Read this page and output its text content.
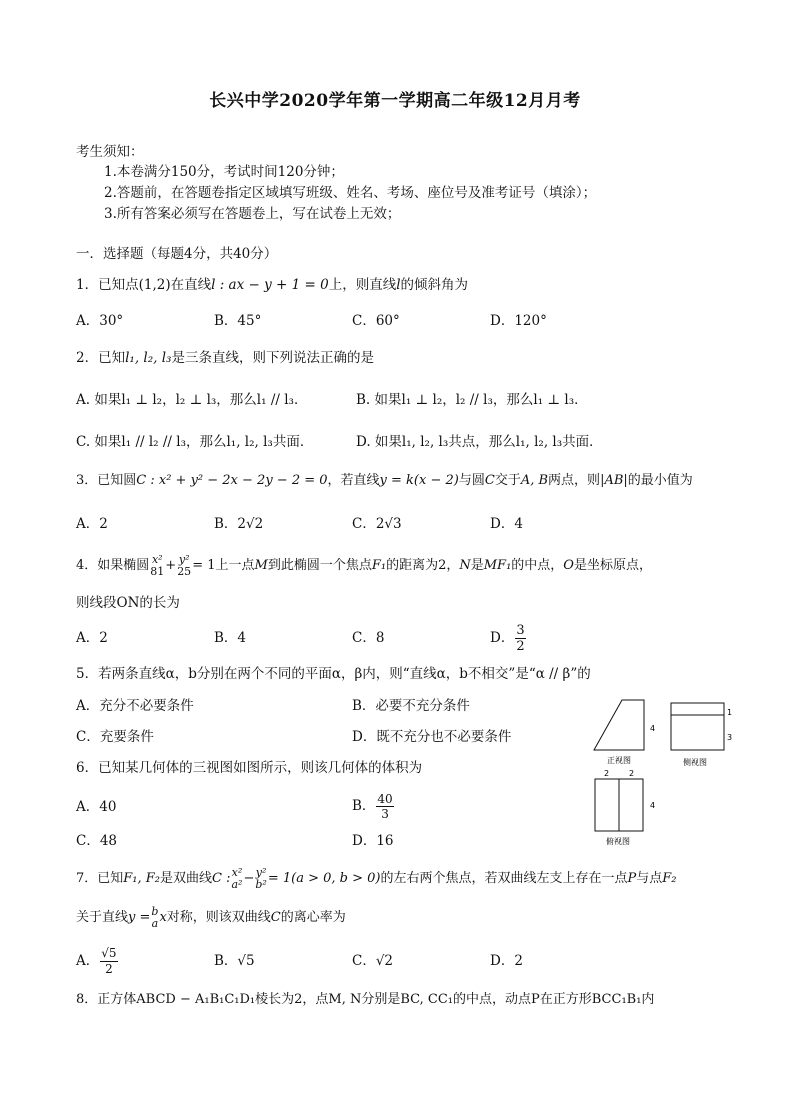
长兴中学2020学年第一学期高二年级12月月考
考生须知：
1.本卷满分150分，考试时间120分钟；
2.答题前，在答题卷指定区域填写班级、姓名、考场、座位号及准考证号（填涂）；
3.所有答案必须写在答题卷上，写在试卷上无效；
一．选择题（每题4分，共40分）
1．已知点(1,2)在直线l : ax − y + 1 = 0上，则直线l的倾斜角为
A．30°	B．45°	C．60°	D．120°
2．已知l₁, l₂, l₃是三条直线，则下列说法正确的是
A. 如果l₁ ⊥ l₂，l₂ ⊥ l₃，那么l₁ // l₃．	B. 如果l₁ ⊥ l₂，l₂ // l₃，那么l₁ ⊥ l₃．
C. 如果l₁ // l₂ // l₃，那么l₁, l₂, l₃共面．	D. 如果l₁, l₂, l₃共点，那么l₁, l₂, l₃共面．
3．已知圆C : x² + y² − 2x − 2y − 2 = 0，若直线y = k(x − 2)与圆C交于A, B两点，则|AB|的最小值为
A．2	B．2√2	C．2√3	D．4
4．如果椭圆 x²
81 + y²
25 = 1上一点M到此椭圆一个焦点F₁的距离为2，N是MF₁的中点，O是坐标原点，
则线段ON的长为
A．2	B．4	C．8	D． $\frac{3}{2}$
5．若两条直线α，b分别在两个不同的平面α，β内，则“直线α，b不相交”是“α // β”的
A．充分不必要条件	B．必要不充分条件
C．充要条件	D．既不充分也不必要条件
6．已知某几何体的三视图如图所示，则该几何体的体积为
A．40	B． $\frac{40}{3}$
C．48	D．16
4
正视图
1
3
侧视图
2 2
4
俯视图
7．已知F₁, F₂是双曲线C : x²
a² − y²
b² = 1(a > 0, b > 0)的左右两个焦点，若双曲线左支上存在一点P与点F₂
关于直线y = b
a x对称，则该双曲线C的离心率为
A． $\frac{√5}{2}$	B．√5	C．√2	D．2
8．正方体ABCD − A₁B₁C₁D₁棱长为2，点M, N分别是BC, CC₁的中点，动点P在正方形BCC₁B₁内
